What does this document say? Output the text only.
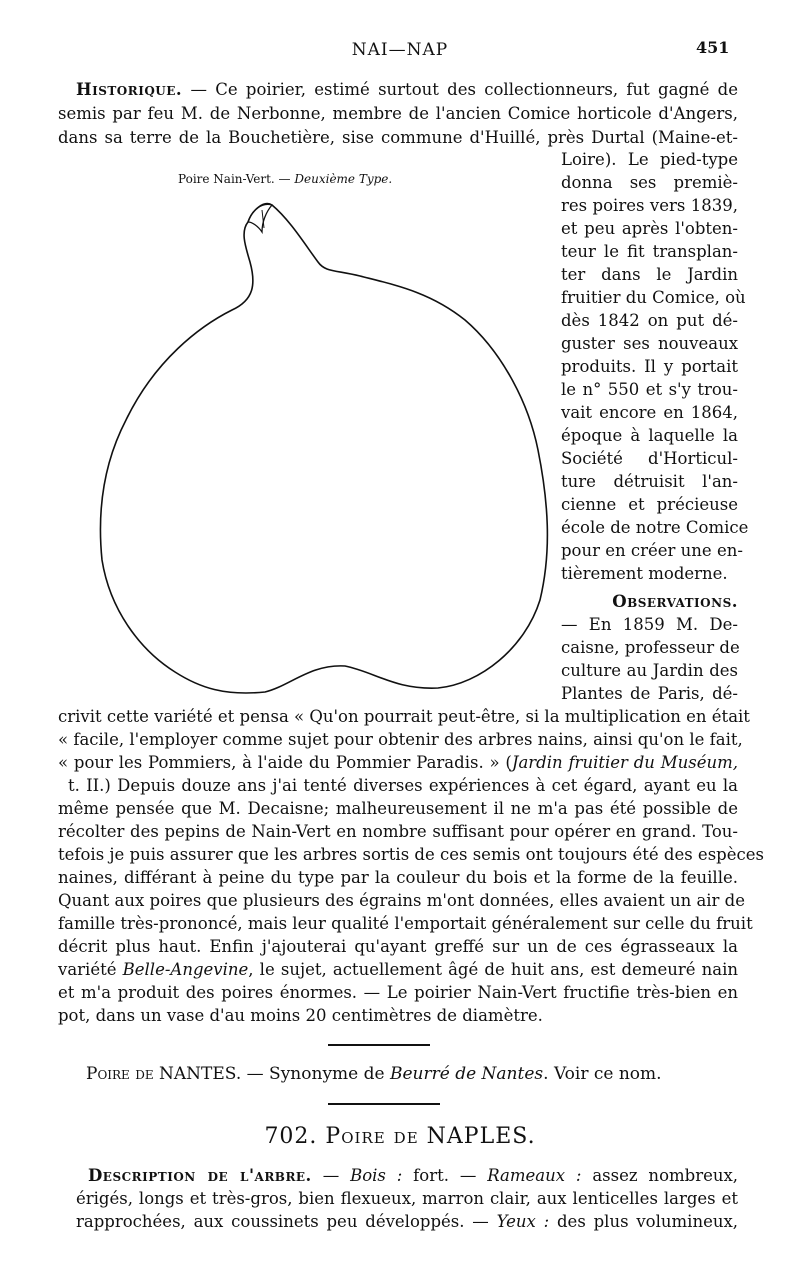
NAI—NAP	451
Historique. — Ce poirier, estimé surtout des collectionneurs, fut gagné de
semis par feu M. de Nerbonne, membre de l'ancien Comice horticole d'Angers,
dans sa terre de la Bouchetière, sise commune d'Huillé, près Durtal (Maine-et-
Loire). Le pied-type
donna ses premiè-
res poires vers 1839,
et peu après l'obten-
teur le fit transplan-
ter dans le Jardin
fruitier du Comice, où
dès 1842 on put dé-
guster ses nouveaux
produits. Il y portait
le n° 550 et s'y trou-
vait encore en 1864,
époque à laquelle la
Société d'Horticul-
ture détruisit l'an-
cienne et précieuse
école de notre Comice
pour en créer une en-
tièrement moderne.
Observations.
— En 1859 M. De-
caisne, professeur de
culture au Jardin des
Plantes de Paris, dé-
Poire Nain-Vert. — Deuxième Type.
crivit cette variété et pensa « Qu'on pourrait peut-être, si la multiplication en était
« facile, l'employer comme sujet pour obtenir des arbres nains, ainsi qu'on le fait,
« pour les Pommiers, à l'aide du Pommier Paradis. » (Jardin fruitier du Muséum,
t. II.) Depuis douze ans j'ai tenté diverses expériences à cet égard, ayant eu la
même pensée que M. Decaisne; malheureusement il ne m'a pas été possible de
récolter des pepins de Nain-Vert en nombre suffisant pour opérer en grand. Tou-
tefois je puis assurer que les arbres sortis de ces semis ont toujours été des espèces
naines, différant à peine du type par la couleur du bois et la forme de la feuille.
Quant aux poires que plusieurs des égrains m'ont données, elles avaient un air de
famille très-prononcé, mais leur qualité l'emportait généralement sur celle du fruit
décrit plus haut. Enfin j'ajouterai qu'ayant greffé sur un de ces égrasseaux la
variété Belle-Angevine, le sujet, actuellement âgé de huit ans, est demeuré nain
et m'a produit des poires énormes. — Le poirier Nain-Vert fructifie très-bien en
pot, dans un vase d'au moins 20 centimètres de diamètre.
Poire de NANTES. — Synonyme de Beurré de Nantes. Voir ce nom.
702. Poire de NAPLES.
Description de l'arbre. — Bois : fort. — Rameaux : assez nombreux,
érigés, longs et très-gros, bien flexueux, marron clair, aux lenticelles larges et
rapprochées, aux coussinets peu développés. — Yeux : des plus volumineux,
